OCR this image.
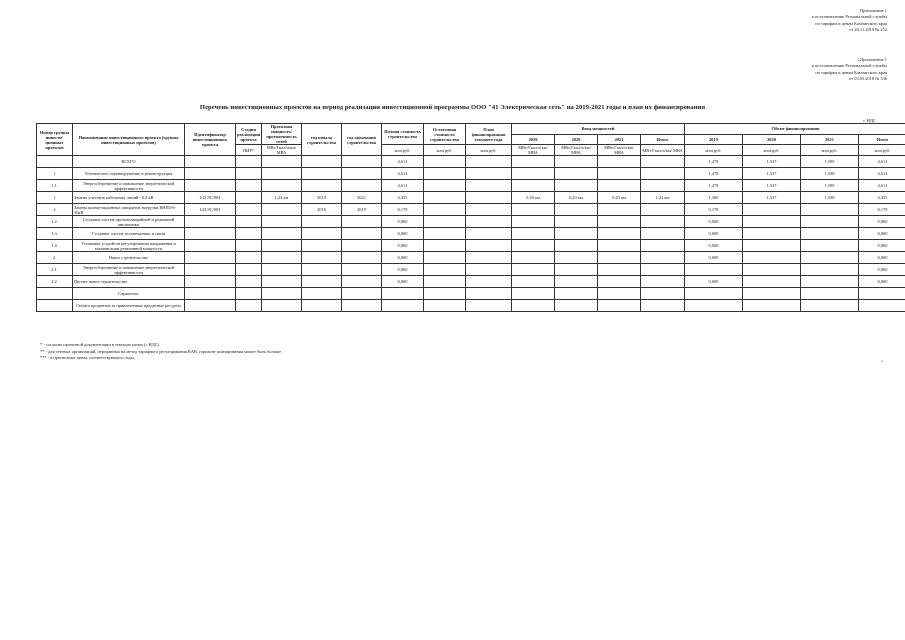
Приложение 1
к постановлению Региональной службы
по тарифам и ценам Камчатского края
от 20.11.2019 № 252
«Приложение 1
к постановлению Региональной службы
по тарифам и ценам Камчатского края
от 03.05.2018 № 336
Перечень инвестиционных проектов на период реализации инвестиционной программы ООО "41 Электрическая сеть" на 2019-2021 годы и план их финансирования
с НДС
Номер группы инвести-ционных проектов	Наименование инвестиционного проекта (группы инвестиционных проектов)	Идентификатор инвестиционного проекта	Стадия реализации проекта	Проектная мощность/ протяженность сетей	год начала строительства	год окончания строительства	Полная стоимость строительства	Остаточная стоимость строительства	План финансирования текущего года	Ввод мощностей				Объем финансирования			
										2019	2020	2021	Итого	2019	2020	2021	Итого
			ПИР*	МВт/Гкал/ч/км/ МВА			млн.руб.	млн.руб.	млн.руб.	МВт/Гкал/ч/км/ МВА	МВт/Гкал/ч/км/ МВА	МВт/Гкал/ч/км/ МВА	МВт/Гкал/ч/км/ МВА	млн.руб.	млн.руб.	млн.руб.	млн.руб.
	ВСЕГО						4,612							1,478	1,537	1,598	4,612
1	Техническое перевооружение и реконструкция						4,612							1,478	1,537	1,598	4,612
1.1.	Энергосбережение и повышение энергетической эффективности						4,612							1,478	1,537	1,598	4,612
1	Замена участков кабельных линий - 0,4 кВ	I/41ЭС/004		1,24 км	2019	2021	4,435			0,38 км	0,43 км	0,43 км	1,24 км	1,300	1,537	1,598	4,435
2	Замена коммутационных аппаратов нагрузки ВНП3-6-10кВ	I/41ЭС/003			2016	2019	0,178							0,178			0,178
1.2.	Создание систем противоаварийной и режимной автоматики						0,000							0,000			0,000
1.3.	Создание систем телемеханики и связи						0,000							0,000			0,000
1.4.	Установка устройств регулирования напряжения и компенсации реактивной мощности						0,000							0,000			0,000
2.	Новое строительство						0,000							0,000			0,000
2.1.	Энергосбережение и повышение энергетической эффективности						0,000										0,000
2.2.	Прочее новое строительство						0,000							0,000			0,000
	Справочно:																
	Оплата процентов за привлеченные кредитные ресурсы																
* - согласно проектной документации в текущих ценах (с НДС)
** - для сетевых организаций, переданных на метод тарифного регулирования RAB, горизонт планирования может быть больше
*** - в прогнозных ценах соответствующего года»
»
